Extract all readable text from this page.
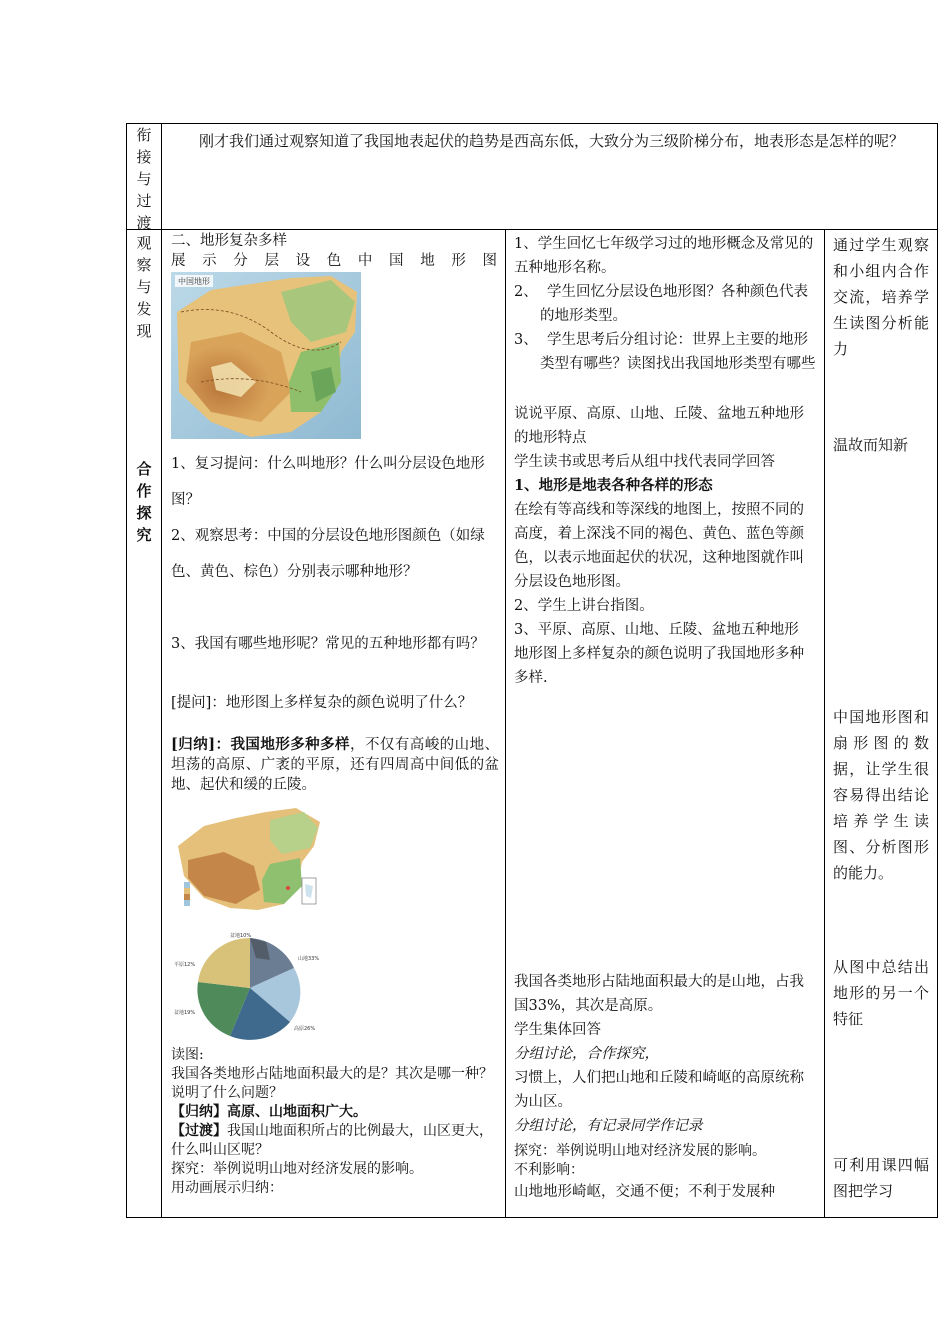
衔
接
与
过
渡

刚才我们通过观察知道了我国地表起伏的趋势是西高东低，大致分为三级阶梯分布，地表形态是怎样的呢？

观
察
与
发
现
合
作
探
究
二、地形复杂多样
展示分层设色中国地形图
中国地形
1、复习提问：什么叫地形？什么叫分层设色地形图？
2、观察思考：中国的分层设色地形图颜色（如绿色、黄色、棕色）分别表示哪种地形？
3、我国有哪些地形呢？常见的五种地形都有吗？
[提问]：地形图上多样复杂的颜色说明了什么？
[归纳]：我国地形多种多样，不仅有高峻的山地、坦荡的高原、广袤的平原，还有四周高中间低的盆地、起伏和缓的丘陵。
盆地10%
山地33%
平原12%
盆地19%
高原26%

读图:

我国各类地形占陆地面积最大的是？其次是哪一种？说明了什么问题？

【归纳】高原、山地面积广大。

【过渡】我国山地面积所占的比例最大，山区更大，什么叫山区呢？

探究：举例说明山地对经济发展的影响。

用动画展示归纳：

1、学生回忆七年级学习过的地形概念及常见的五种地形名称。

2、 学生回忆分层设色地形图？各种颜色代表的地形类型。

3、 学生思考后分组讨论：世界上主要的地形类型有哪些？读图找出我国地形类型有哪些

说说平原、高原、山地、丘陵、盆地五种地形的地形特点

学生读书或思考后从组中找代表同学回答

1、地形是地表各种各样的形态

在绘有等高线和等深线的地图上，按照不同的高度，着上深浅不同的褐色、黄色、蓝色等颜色，以表示地面起伏的状况，这种地图就作叫分层设色地形图。

2、学生上讲台指图。

3、平原、高原、山地、丘陵、盆地五种地形

地形图上多样复杂的颜色说明了我国地形多种多样.

我国各类地形占陆地面积最大的是山地，占我国33%，其次是高原。

学生集体回答

分组讨论，合作探究，

习惯上，人们把山地和丘陵和崎岖的高原统称为山区。

分组讨论，有记录同学作记录

探究：举例说明山地对经济发展的影响。

不利影响：

山地地形崎岖，交通不便；不利于发展种

通过学生观察和小组内合作交流，培养学生读图分析能力
温故而知新
中国地形图和扇形图的数据，让学生很容易得出结论培养学生读图、分析图形的能力。
从图中总结出地形的另一个特征
可利用课四幅图把学习
